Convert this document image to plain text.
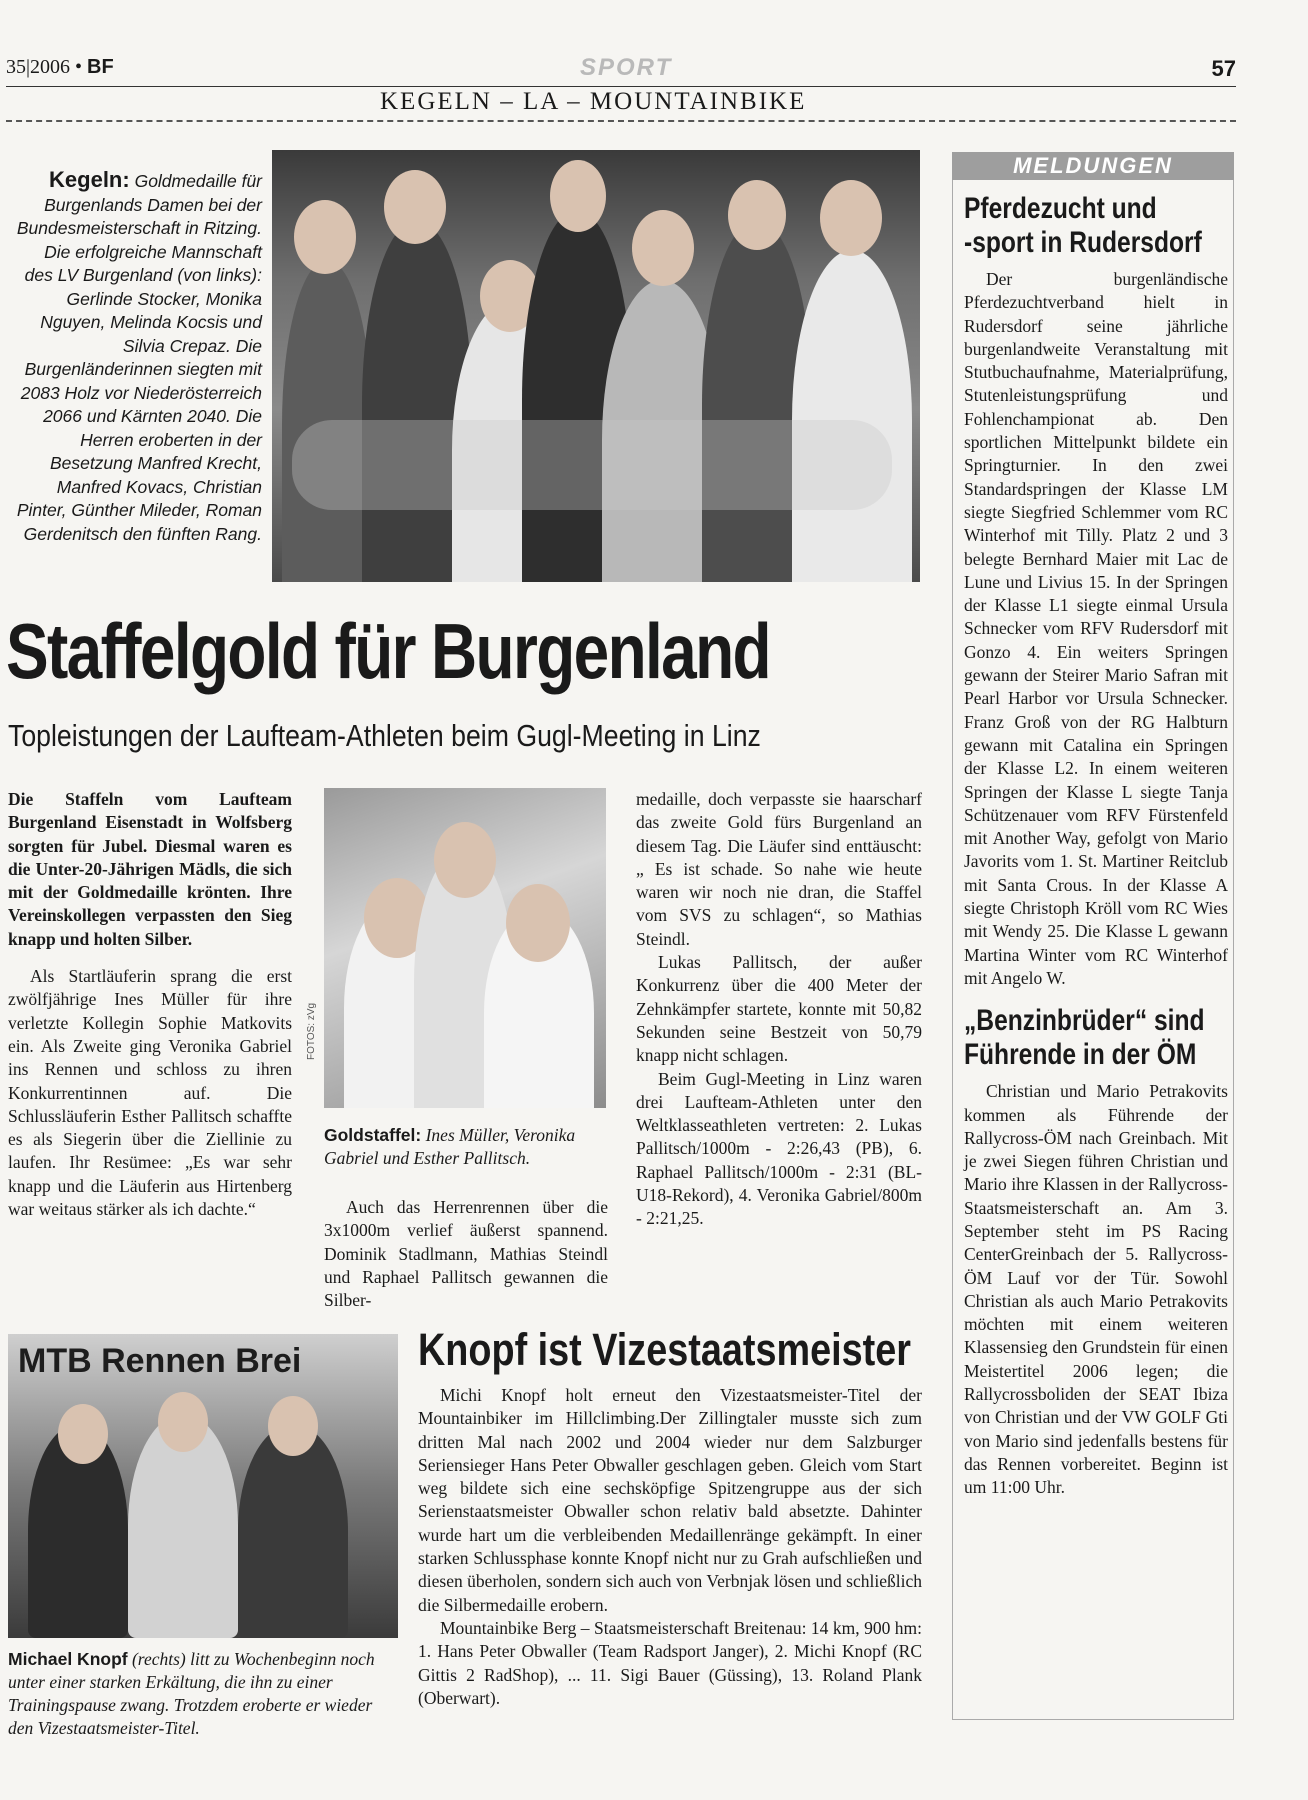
35|2006 • BF	SPORT	57
KEGELN – LA – MOUNTAINBIKE
Kegeln: Goldmedaille für Burgenlands Damen bei der Bundesmeisterschaft in Ritzing. Die erfolgreiche Mannschaft des LV Burgenland (von links): Gerlinde Stocker, Monika Nguyen, Melinda Kocsis und Silvia Crepaz. Die Burgenländerinnen siegten mit 2083 Holz vor Niederösterreich 2066 und Kärnten 2040. Die Herren eroberten in der Besetzung Manfred Krecht, Manfred Kovacs, Christian Pinter, Günther Mileder, Roman Gerdenitsch den fünften Rang.
Staffelgold für Burgenland
Topleistungen der Laufteam-Athleten beim Gugl-Meeting in Linz

Die Staffeln vom Laufteam Burgenland Eisenstadt in Wolfsberg sorgten für Jubel. Diesmal waren es die Unter-20-Jährigen Mädls, die sich mit der Goldmedaille krönten. Ihre Vereinskollegen verpassten den Sieg knapp und holten Silber.

Als Startläuferin sprang die erst zwölfjährige Ines Müller für ihre verletzte Kollegin Sophie Matkovits ein. Als Zweite ging Veronika Gabriel ins Rennen und schloss zu ihren Konkurrentinnen auf. Die Schlussläuferin Esther Pallitsch schaffte es als Siegerin über die Ziellinie zu laufen. Ihr Resümee: „Es war sehr knapp und die Läuferin aus Hirtenberg war weitaus stärker als ich dachte.“

FOTOS: zVg
Goldstaffel: Ines Müller, Veronika Gabriel und Esther Pallitsch.

Auch das Herrenrennen über die 3x1000m verlief äußerst spannend. Dominik Stadlmann, Mathias Steindl und Raphael Pallitsch gewannen die Silber-

medaille, doch verpasste sie haarscharf das zweite Gold fürs Burgenland an diesem Tag. Die Läufer sind enttäuscht: „ Es ist schade. So nahe wie heute waren wir noch nie dran, die Staffel vom SVS zu schlagen“, so Mathias Steindl.

Lukas Pallitsch, der außer Konkurrenz über die 400 Meter der Zehnkämpfer startete, konnte mit 50,82 Sekunden seine Bestzeit von 50,79 knapp nicht schlagen.

Beim Gugl-Meeting in Linz waren drei Laufteam-Athleten unter den Weltklasseathleten vertreten: 2. Lukas Pallitsch/1000m - 2:26,43 (PB), 6. Raphael Pallitsch/1000m - 2:31 (BL-U18-Rekord), 4. Veronika Gabriel/800m - 2:21,25.

MTB Rennen Brei
Michael Knopf (rechts) litt zu Wochenbeginn noch unter einer starken Erkältung, die ihn zu einer Trainingspause zwang. Trotzdem eroberte er wieder den Vizestaatsmeister-Titel.
Knopf ist Vizestaatsmeister

Michi Knopf holt erneut den Vizestaatsmeister-Titel der Mountainbiker im Hillclimbing.Der Zillingtaler musste sich zum dritten Mal nach 2002 und 2004 wieder nur dem Salzburger Seriensieger Hans Peter Obwaller geschlagen geben. Gleich vom Start weg bildete sich eine sechsköpfige Spitzengruppe aus der sich Serienstaatsmeister Obwaller schon relativ bald absetzte. Dahinter wurde hart um die verbleibenden Medaillenränge gekämpft. In einer starken Schlussphase konnte Knopf nicht nur zu Grah aufschließen und diesen überholen, sondern sich auch von Verbnjak lösen und schließlich die Silbermedaille erobern.

Mountainbike Berg – Staatsmeisterschaft Breitenau: 14 km, 900 hm: 1. Hans Peter Obwaller (Team Radsport Janger), 2. Michi Knopf (RC Gittis 2 RadShop), ... 11. Sigi Bauer (Güssing), 13. Roland Plank (Oberwart).

MELDUNGEN
Pferdezucht und
-sport in Rudersdorf
Der burgenländische Pferdezuchtverband hielt in Rudersdorf seine jährliche burgenlandweite Veranstaltung mit Stutbuchaufnahme, Materialprüfung, Stutenleistungsprüfung und Fohlenchampionat ab. Den sportlichen Mittelpunkt bildete ein Springturnier. In den zwei Standardspringen der Klasse LM siegte Siegfried Schlemmer vom RC Winterhof mit Tilly. Platz 2 und 3 belegte Bernhard Maier mit Lac de Lune und Livius 15. In der Springen der Klasse L1 siegte einmal Ursula Schnecker vom RFV Rudersdorf mit Gonzo 4. Ein weiters Springen gewann der Steirer Mario Safran mit Pearl Harbor vor Ursula Schnecker. Franz Groß von der RG Halbturn gewann mit Catalina ein Springen der Klasse L2. In einem weiteren Springen der Klasse L siegte Tanja Schützenauer vom RFV Fürstenfeld mit Another Way, gefolgt von Mario Javorits vom 1. St. Martiner Reitclub mit Santa Crous. In der Klasse A siegte Christoph Kröll vom RC Wies mit Wendy 25. Die Klasse L gewann Martina Winter vom RC Winterhof mit Angelo W.
„Benzinbrüder“ sind
Führende in der ÖM
Christian und Mario Petrakovits kommen als Führende der Rallycross-ÖM nach Greinbach. Mit je zwei Siegen führen Christian und Mario ihre Klassen in der Rallycross-Staatsmeisterschaft an. Am 3. September steht im PS Racing CenterGreinbach der 5. Rallycross-ÖM Lauf vor der Tür. Sowohl Christian als auch Mario Petrakovits möchten mit einem weiteren Klassensieg den Grundstein für einen Meistertitel 2006 legen; die Rallycrossboliden der SEAT Ibiza von Christian und der VW GOLF Gti von Mario sind jedenfalls bestens für das Rennen vorbereitet. Beginn ist um 11:00 Uhr.
